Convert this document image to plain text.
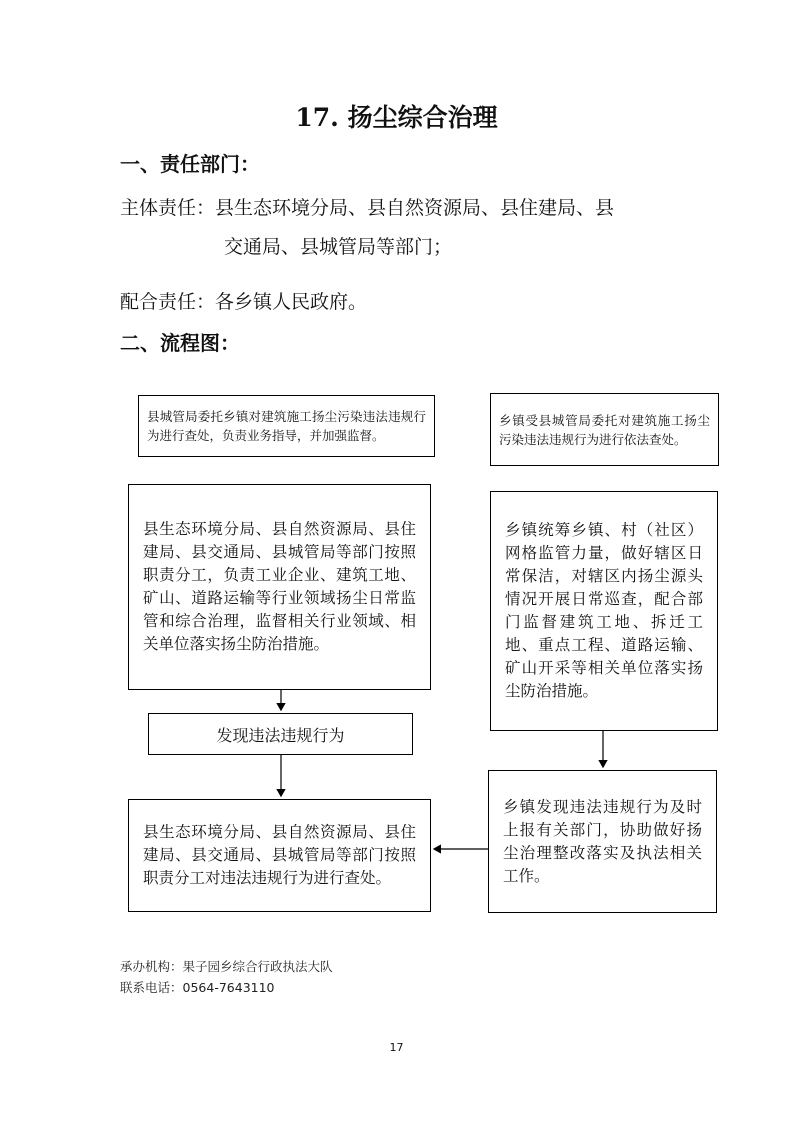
17. 扬尘综合治理
一、责任部门：
主体责任：县生态环境分局、县自然资源局、县住建局、县
交通局、县城管局等部门；
配合责任：各乡镇人民政府。
二、流程图：
县城管局委托乡镇对建筑施工扬尘污染违法违规行为进行查处，负责业务指导，并加强监督。
乡镇受县城管局委托对建筑施工扬尘污染违法违规行为进行依法查处。
县生态环境分局、县自然资源局、县住建局、县交通局、县城管局等部门按照职责分工，负责工业企业、建筑工地、矿山、道路运输等行业领域扬尘日常监管和综合治理，监督相关行业领域、相关单位落实扬尘防治措施。
乡镇统筹乡镇、村（社区）网格监管力量，做好辖区日常保洁，对辖区内扬尘源头情况开展日常巡查，配合部门监督建筑工地、拆迁工地、重点工程、道路运输、矿山开采等相关单位落实扬尘防治措施。
发现违法违规行为
县生态环境分局、县自然资源局、县住建局、县交通局、县城管局等部门按照职责分工对违法违规行为进行查处。
乡镇发现违法违规行为及时上报有关部门，协助做好扬尘治理整改落实及执法相关工作。
承办机构：果子园乡综合行政执法大队
联系电话：0564-7643110
17
